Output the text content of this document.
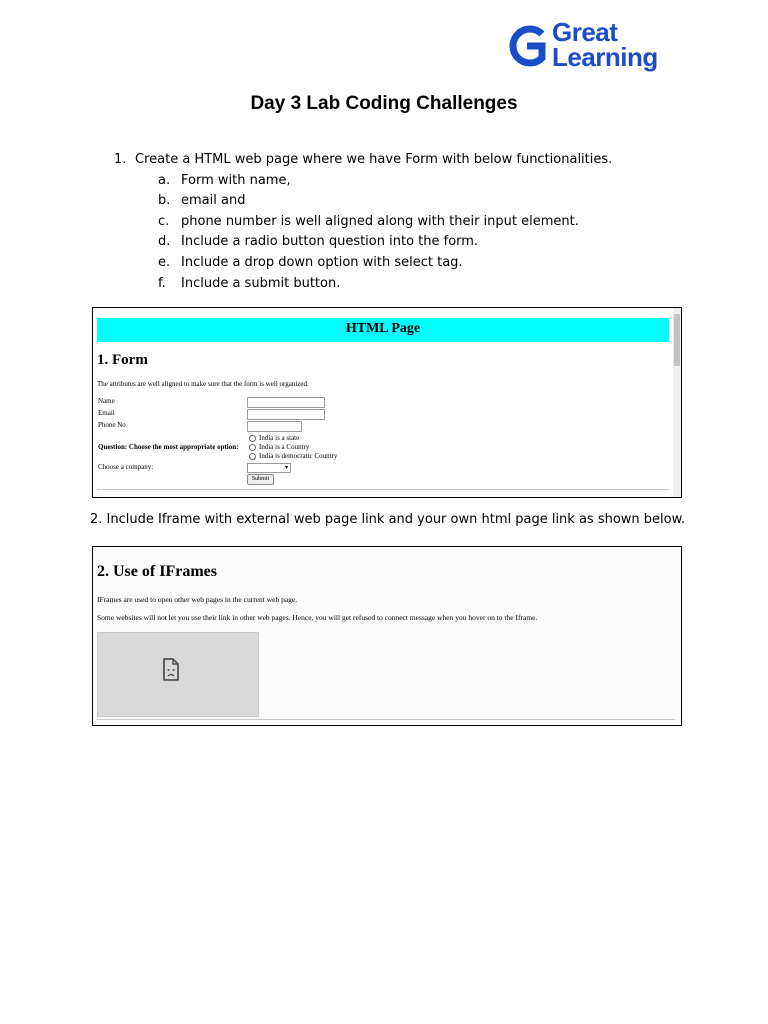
Great
Learning
Day 3 Lab Coding Challenges
1. Create a HTML web page where we have Form with below functionalities.
a. Form with name,
b. email and
c. phone number is well aligned along with their input element.
d. Include a radio button question into the form.
e. Include a drop down option with select tag.
f. Include a submit button.
HTML Page
1. Form
The attributes are well aligned to make sure that the form is well organized.
Name
Email
Phone No
India is a state
Question: Choose the most appropriate option:	India is a Country
India is democratic Country
Choose a company:	▾
Submit
2. Include Iframe with external web page link and your own html page link as shown below.
2. Use of IFrames
IFrames are used to open other web pages in the current web page.
Some websites will not let you use their link in other web pages. Hence, you will get refused to connect message when you hover on to the Iframe.
